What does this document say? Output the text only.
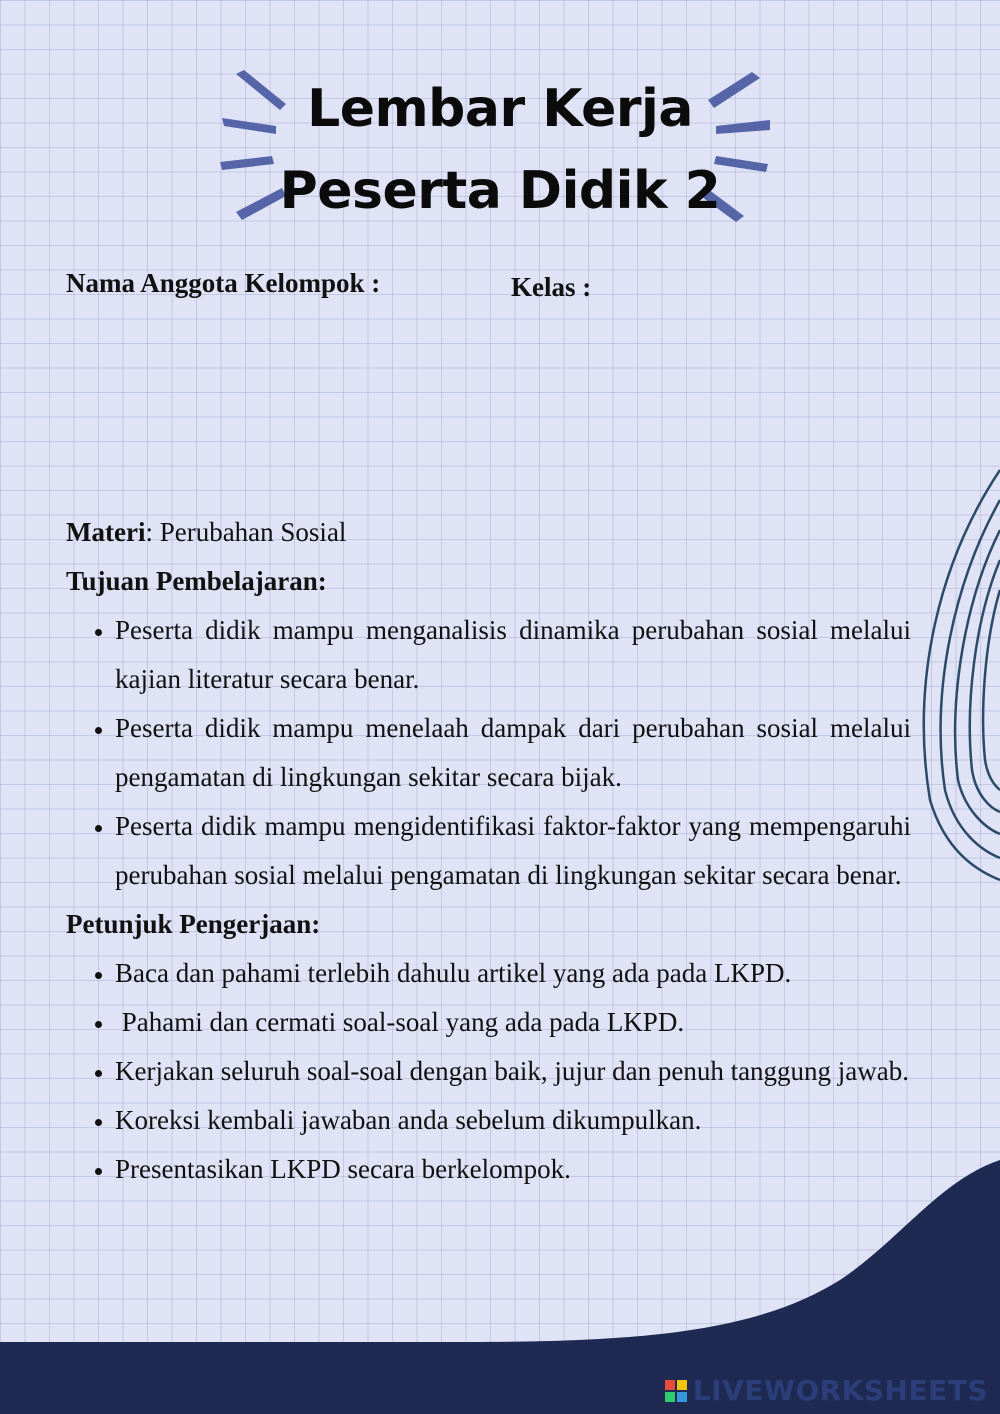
Lembar Kerja
Peserta Didik 2
Nama Anggota Kelompok :	Kelas :
Materi: Perubahan Sosial
Tujuan Pembelajaran:
• Peserta didik mampu menganalisis dinamika perubahan sosial melalui kajian literatur secara benar.
• Peserta didik mampu menelaah dampak dari perubahan sosial melalui pengamatan di lingkungan sekitar secara bijak.
• Peserta didik mampu mengidentifikasi faktor-faktor yang mempengaruhi perubahan sosial melalui pengamatan di lingkungan sekitar secara benar.
Petunjuk Pengerjaan:
• Baca dan pahami terlebih dahulu artikel yang ada pada LKPD.
•  Pahami dan cermati soal-soal yang ada pada LKPD.
• Kerjakan seluruh soal-soal dengan baik, jujur dan penuh tanggung jawab.
• Koreksi kembali jawaban anda sebelum dikumpulkan.
• Presentasikan LKPD secara berkelompok.
LIVEWORKSHEETS
